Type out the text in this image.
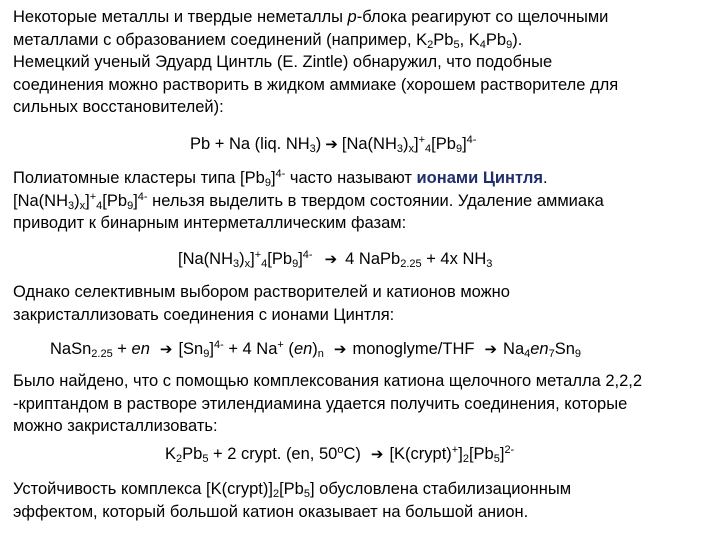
Некоторые металлы и твердые неметаллы p-блока реагируют со щелочными
металлами с образованием соединений (например, $K_2Pb_5$, $K_4Pb_9$).
Немецкий ученый Эдуард Цинтль (E. Zintle) обнаружил, что подобные
соединения можно растворить в жидком аммиаке (хорошем растворителе для
сильных восстановителей):
Pb + Na (liq. $NH_3$) ➔ $[Na(NH_3)_x]^+_4[Pb_9]^{4-}$
Полиатомные кластеры типа $[Pb_9]^{4-}$ часто называют ионами Цинтля.
$[Na(NH_3)_x]^+_4[Pb_9]^{4-}$ нельзя выделить в твердом состоянии. Удаление аммиака
приводит к бинарным интерметаллическим фазам:
$[Na(NH_3)_x]^+_4[Pb_9]^{4-}$ ➔ 4 NaPb$_{2.25}$ + 4x $NH_3$
Однако селективным выбором растворителей и катионов можно
закристаллизовать соединения с ионами Цинтля:
NaSn$_{2.25}$ + en ➔ $[Sn_9]^{4-} + 4$ Na+ $(en)_n$ ➔ monoglyme/THF ➔ $Na_4en_7Sn_9$
Было найдено, что с помощью комплексования катиона щелочного металла 2,2,2
-криптандом в растворе этилендиамина удается получить соединения, которые
можно закристаллизовать:
$K_2Pb_5 + 2$ crypt. (en, 50$^o$C) ➔ $[K(crypt)^+]_2[Pb_5]^{2-}$
Устойчивость комплекса $[K(crypt)]_2[Pb_5]$ обусловлена стабилизационным
эффектом, который большой катион оказывает на большой анион.
